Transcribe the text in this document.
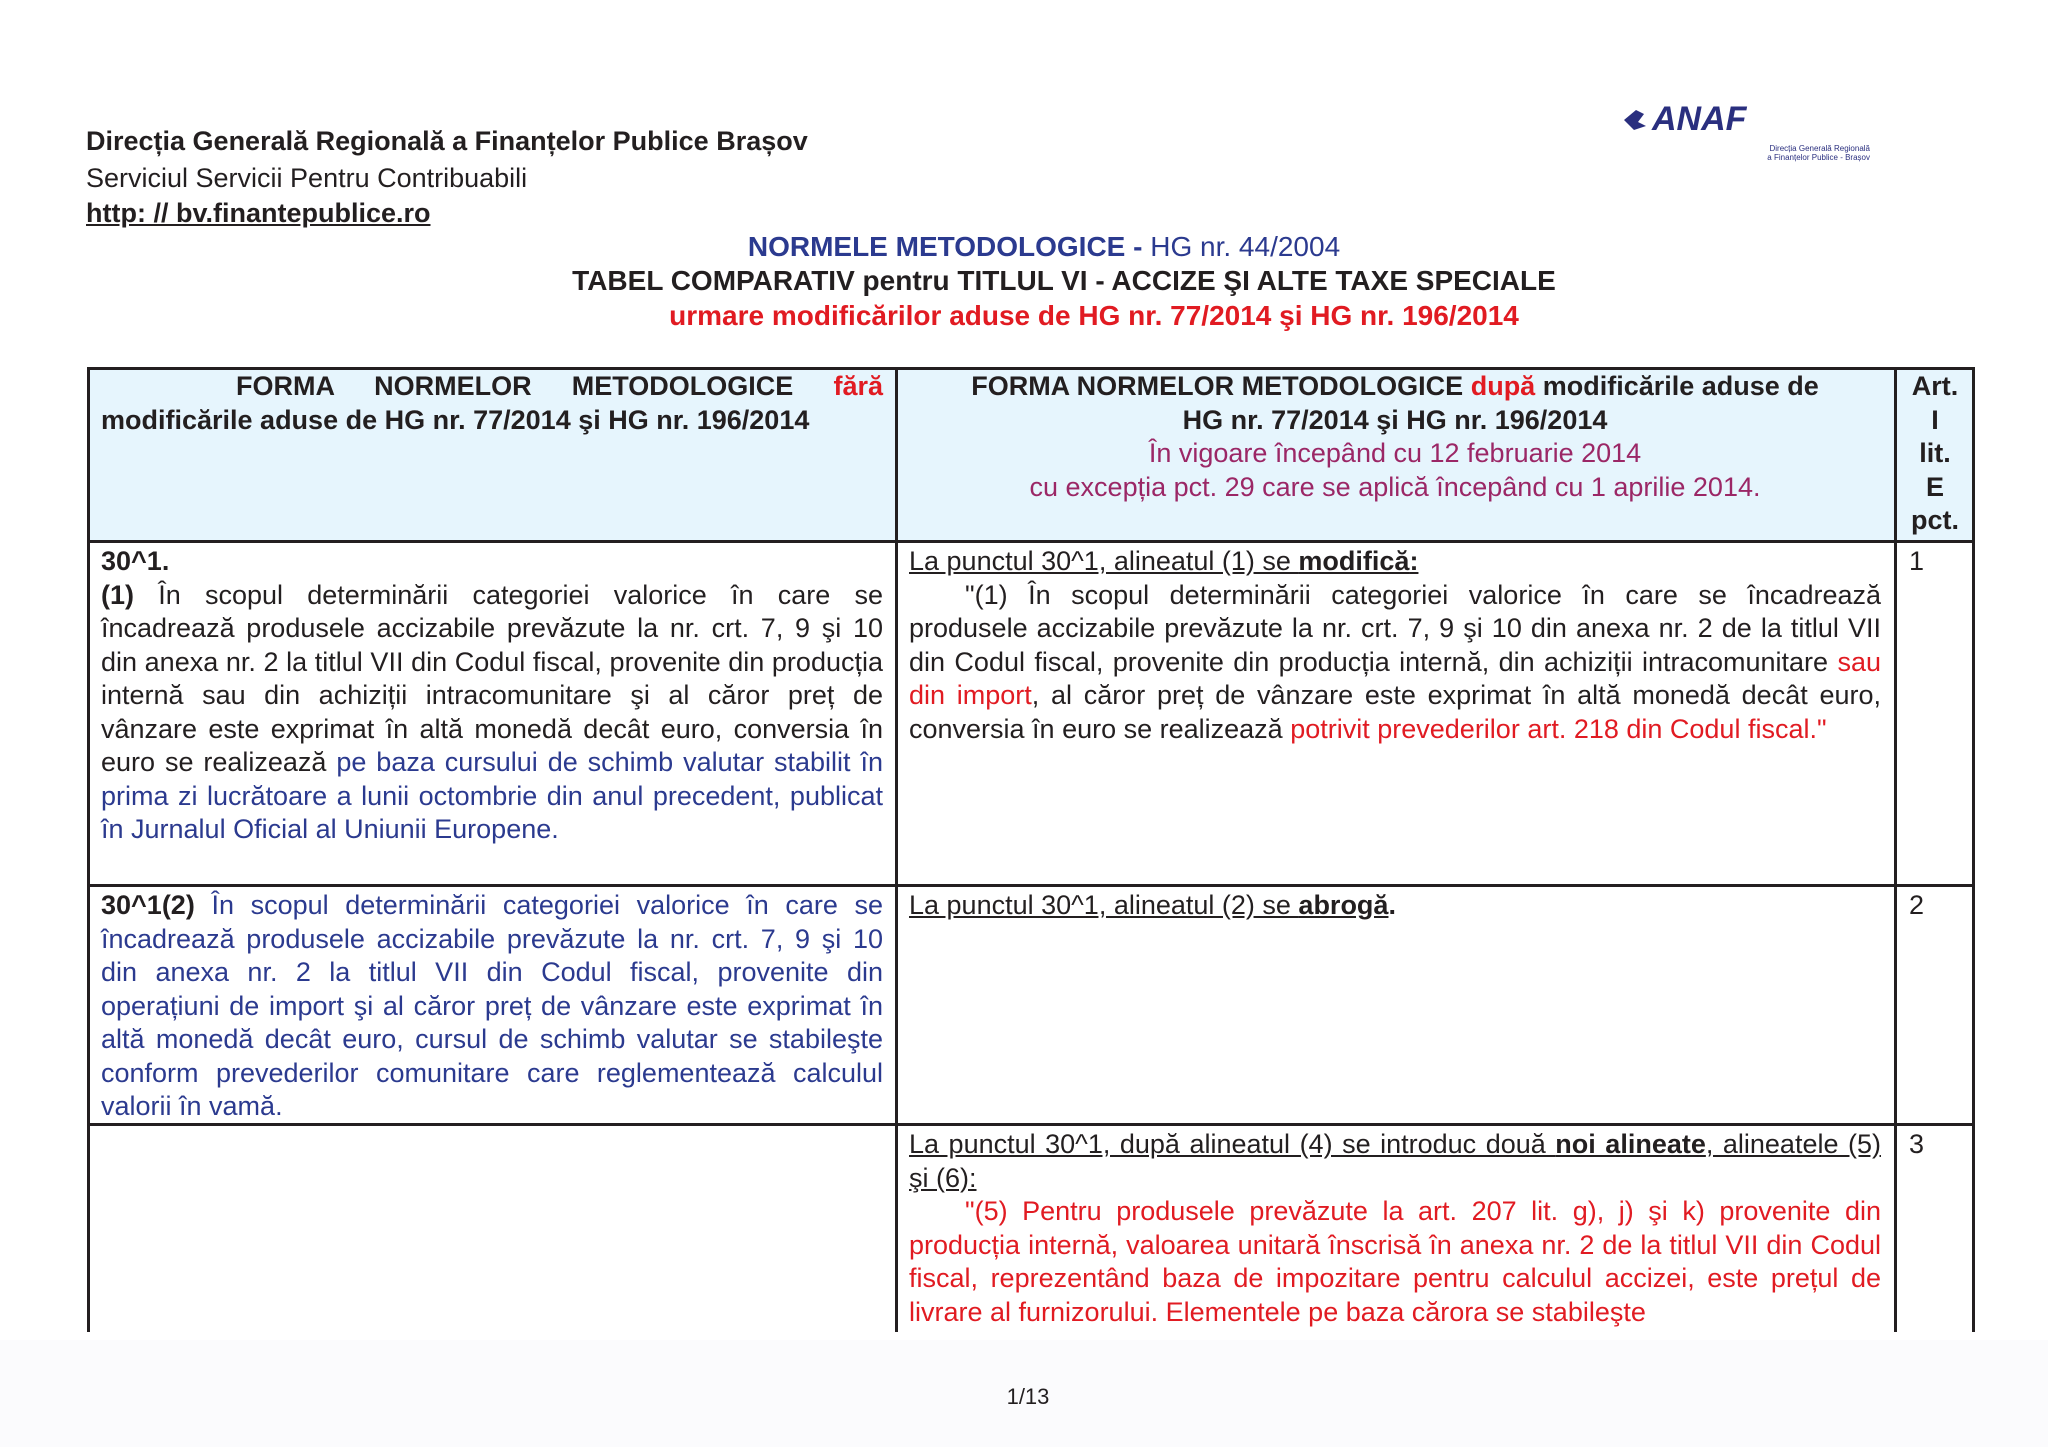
Direcția Generală Regională a Finanțelor Publice Brașov
Serviciul Servicii Pentru Contribuabili
http: // bv.finantepublice.ro
ANAF
Direcția Generală Regională
a Finanțelor Publice - Brașov
NORMELE METODOLOGICE - HG nr. 44/2004
TABEL COMPARATIV pentru TITLUL VI - ACCIZE ŞI ALTE TAXE SPECIALE
urmare modificărilor aduse de HG nr. 77/2014 şi HG nr. 196/2014
FORMA NORMELOR METODOLOGICE fără
modificările aduse de HG nr. 77/2014 şi HG nr. 196/2014
FORMA NORMELOR METODOLOGICE după modificările aduse de
HG nr. 77/2014 şi HG nr. 196/2014
În vigoare începând cu 12 februarie 2014
cu excepția pct. 29 care se aplică începând cu 1 aprilie 2014.
Art.
I
lit.
E
pct.
30^1.
(1) În scopul determinării categoriei valorice în care se încadrează produsele accizabile prevăzute la nr. crt. 7, 9 şi 10 din anexa nr. 2 la titlul VII din Codul fiscal, provenite din producția internă sau din achiziții intracomunitare şi al căror preț de vânzare este exprimat în altă monedă decât euro, conversia în euro se realizează pe baza cursului de schimb valutar stabilit în prima zi lucrătoare a lunii octombrie din anul precedent, publicat în Jurnalul Oficial al Uniunii Europene.
La punctul 30^1, alineatul (1) se modifică:
"(1) În scopul determinării categoriei valorice în care se încadrează produsele accizabile prevăzute la nr. crt. 7, 9 şi 10 din anexa nr. 2 de la titlul VII din Codul fiscal, provenite din producția internă, din achiziții intracomunitare sau din import, al căror preț de vânzare este exprimat în altă monedă decât euro, conversia în euro se realizează potrivit prevederilor art. 218 din Codul fiscal."
1
30^1(2) În scopul determinării categoriei valorice în care se încadrează produsele accizabile prevăzute la nr. crt. 7, 9 şi 10 din anexa nr. 2 la titlul VII din Codul fiscal, provenite din operațiuni de import şi al căror preț de vânzare este exprimat în altă monedă decât euro, cursul de schimb valutar se stabileşte conform prevederilor comunitare care reglementează calculul valorii în vamă.
La punctul 30^1, alineatul (2) se abrogă.	2
La punctul 30^1, după alineatul (4) se introduc două noi alineate, alineatele (5) şi (6):
"(5) Pentru produsele prevăzute la art. 207 lit. g), j) şi k) provenite din producția internă, valoarea unitară înscrisă în anexa nr. 2 de la titlul VII din Codul fiscal, reprezentând baza de impozitare pentru calculul accizei, este prețul de livrare al furnizorului. Elementele pe baza cărora se stabileşte
3
1/13
